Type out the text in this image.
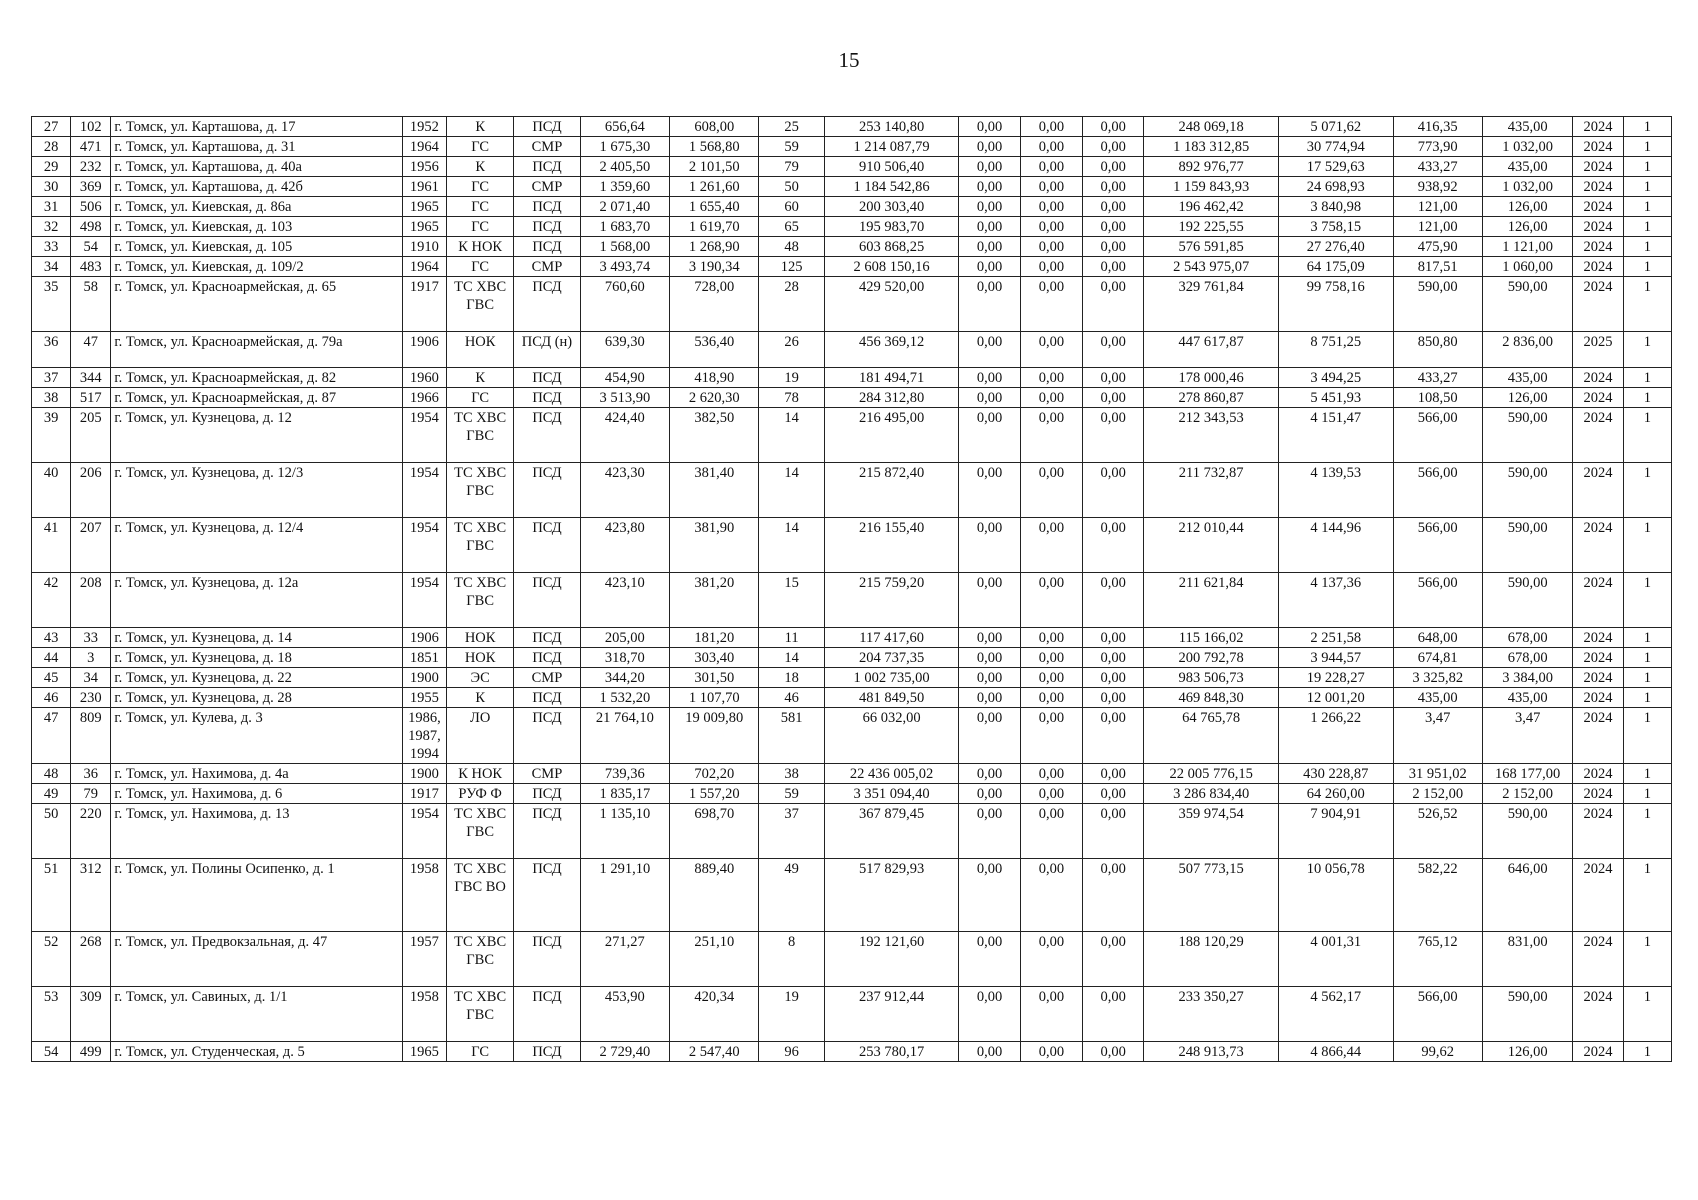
15
27	102	г. Томск, ул. Карташова, д. 17	1952	К	ПСД	656,64	608,00	25	253 140,80	0,00	0,00	0,00	248 069,18	5 071,62	416,35	435,00	2024	1
28	471	г. Томск, ул. Карташова, д. 31	1964	ГС	СМР	1 675,30	1 568,80	59	1 214 087,79	0,00	0,00	0,00	1 183 312,85	30 774,94	773,90	1 032,00	2024	1
29	232	г. Томск, ул. Карташова, д. 40а	1956	К	ПСД	2 405,50	2 101,50	79	910 506,40	0,00	0,00	0,00	892 976,77	17 529,63	433,27	435,00	2024	1
30	369	г. Томск, ул. Карташова, д. 42б	1961	ГС	СМР	1 359,60	1 261,60	50	1 184 542,86	0,00	0,00	0,00	1 159 843,93	24 698,93	938,92	1 032,00	2024	1
31	506	г. Томск, ул. Киевская, д. 86а	1965	ГС	ПСД	2 071,40	1 655,40	60	200 303,40	0,00	0,00	0,00	196 462,42	3 840,98	121,00	126,00	2024	1
32	498	г. Томск, ул. Киевская, д. 103	1965	ГС	ПСД	1 683,70	1 619,70	65	195 983,70	0,00	0,00	0,00	192 225,55	3 758,15	121,00	126,00	2024	1
33	54	г. Томск, ул. Киевская, д. 105	1910	К НОК	ПСД	1 568,00	1 268,90	48	603 868,25	0,00	0,00	0,00	576 591,85	27 276,40	475,90	1 121,00	2024	1
34	483	г. Томск, ул. Киевская, д. 109/2	1964	ГС	СМР	3 493,74	3 190,34	125	2 608 150,16	0,00	0,00	0,00	2 543 975,07	64 175,09	817,51	1 060,00	2024	1
35	58	г. Томск, ул. Красноармейская, д. 65	1917	ТС ХВС ГВС	ПСД	760,60	728,00	28	429 520,00	0,00	0,00	0,00	329 761,84	99 758,16	590,00	590,00	2024	1
36	47	г. Томск, ул. Красноармейская, д. 79а	1906	НОК	ПСД (н)	639,30	536,40	26	456 369,12	0,00	0,00	0,00	447 617,87	8 751,25	850,80	2 836,00	2025	1
37	344	г. Томск, ул. Красноармейская, д. 82	1960	К	ПСД	454,90	418,90	19	181 494,71	0,00	0,00	0,00	178 000,46	3 494,25	433,27	435,00	2024	1
38	517	г. Томск, ул. Красноармейская, д. 87	1966	ГС	ПСД	3 513,90	2 620,30	78	284 312,80	0,00	0,00	0,00	278 860,87	5 451,93	108,50	126,00	2024	1
39	205	г. Томск, ул. Кузнецова, д. 12	1954	ТС ХВС ГВС	ПСД	424,40	382,50	14	216 495,00	0,00	0,00	0,00	212 343,53	4 151,47	566,00	590,00	2024	1
40	206	г. Томск, ул. Кузнецова, д. 12/3	1954	ТС ХВС ГВС	ПСД	423,30	381,40	14	215 872,40	0,00	0,00	0,00	211 732,87	4 139,53	566,00	590,00	2024	1
41	207	г. Томск, ул. Кузнецова, д. 12/4	1954	ТС ХВС ГВС	ПСД	423,80	381,90	14	216 155,40	0,00	0,00	0,00	212 010,44	4 144,96	566,00	590,00	2024	1
42	208	г. Томск, ул. Кузнецова, д. 12а	1954	ТС ХВС ГВС	ПСД	423,10	381,20	15	215 759,20	0,00	0,00	0,00	211 621,84	4 137,36	566,00	590,00	2024	1
43	33	г. Томск, ул. Кузнецова, д. 14	1906	НОК	ПСД	205,00	181,20	11	117 417,60	0,00	0,00	0,00	115 166,02	2 251,58	648,00	678,00	2024	1
44	3	г. Томск, ул. Кузнецова, д. 18	1851	НОК	ПСД	318,70	303,40	14	204 737,35	0,00	0,00	0,00	200 792,78	3 944,57	674,81	678,00	2024	1
45	34	г. Томск, ул. Кузнецова, д. 22	1900	ЭС	СМР	344,20	301,50	18	1 002 735,00	0,00	0,00	0,00	983 506,73	19 228,27	3 325,82	3 384,00	2024	1
46	230	г. Томск, ул. Кузнецова, д. 28	1955	К	ПСД	1 532,20	1 107,70	46	481 849,50	0,00	0,00	0,00	469 848,30	12 001,20	435,00	435,00	2024	1
47	809	г. Томск, ул. Кулева, д. 3	1986, 1987, 1994	ЛО	ПСД	21 764,10	19 009,80	581	66 032,00	0,00	0,00	0,00	64 765,78	1 266,22	3,47	3,47	2024	1
48	36	г. Томск, ул. Нахимова, д. 4а	1900	К НОК	СМР	739,36	702,20	38	22 436 005,02	0,00	0,00	0,00	22 005 776,15	430 228,87	31 951,02	168 177,00	2024	1
49	79	г. Томск, ул. Нахимова, д. 6	1917	РУФ Ф	ПСД	1 835,17	1 557,20	59	3 351 094,40	0,00	0,00	0,00	3 286 834,40	64 260,00	2 152,00	2 152,00	2024	1
50	220	г. Томск, ул. Нахимова, д. 13	1954	ТС ХВС ГВС	ПСД	1 135,10	698,70	37	367 879,45	0,00	0,00	0,00	359 974,54	7 904,91	526,52	590,00	2024	1
51	312	г. Томск, ул. Полины Осипенко, д. 1	1958	ТС ХВС ГВС ВО	ПСД	1 291,10	889,40	49	517 829,93	0,00	0,00	0,00	507 773,15	10 056,78	582,22	646,00	2024	1
52	268	г. Томск, ул. Предвокзальная, д. 47	1957	ТС ХВС ГВС	ПСД	271,27	251,10	8	192 121,60	0,00	0,00	0,00	188 120,29	4 001,31	765,12	831,00	2024	1
53	309	г. Томск, ул. Савиных, д. 1/1	1958	ТС ХВС ГВС	ПСД	453,90	420,34	19	237 912,44	0,00	0,00	0,00	233 350,27	4 562,17	566,00	590,00	2024	1
54	499	г. Томск, ул. Студенческая, д. 5	1965	ГС	ПСД	2 729,40	2 547,40	96	253 780,17	0,00	0,00	0,00	248 913,73	4 866,44	99,62	126,00	2024	1
